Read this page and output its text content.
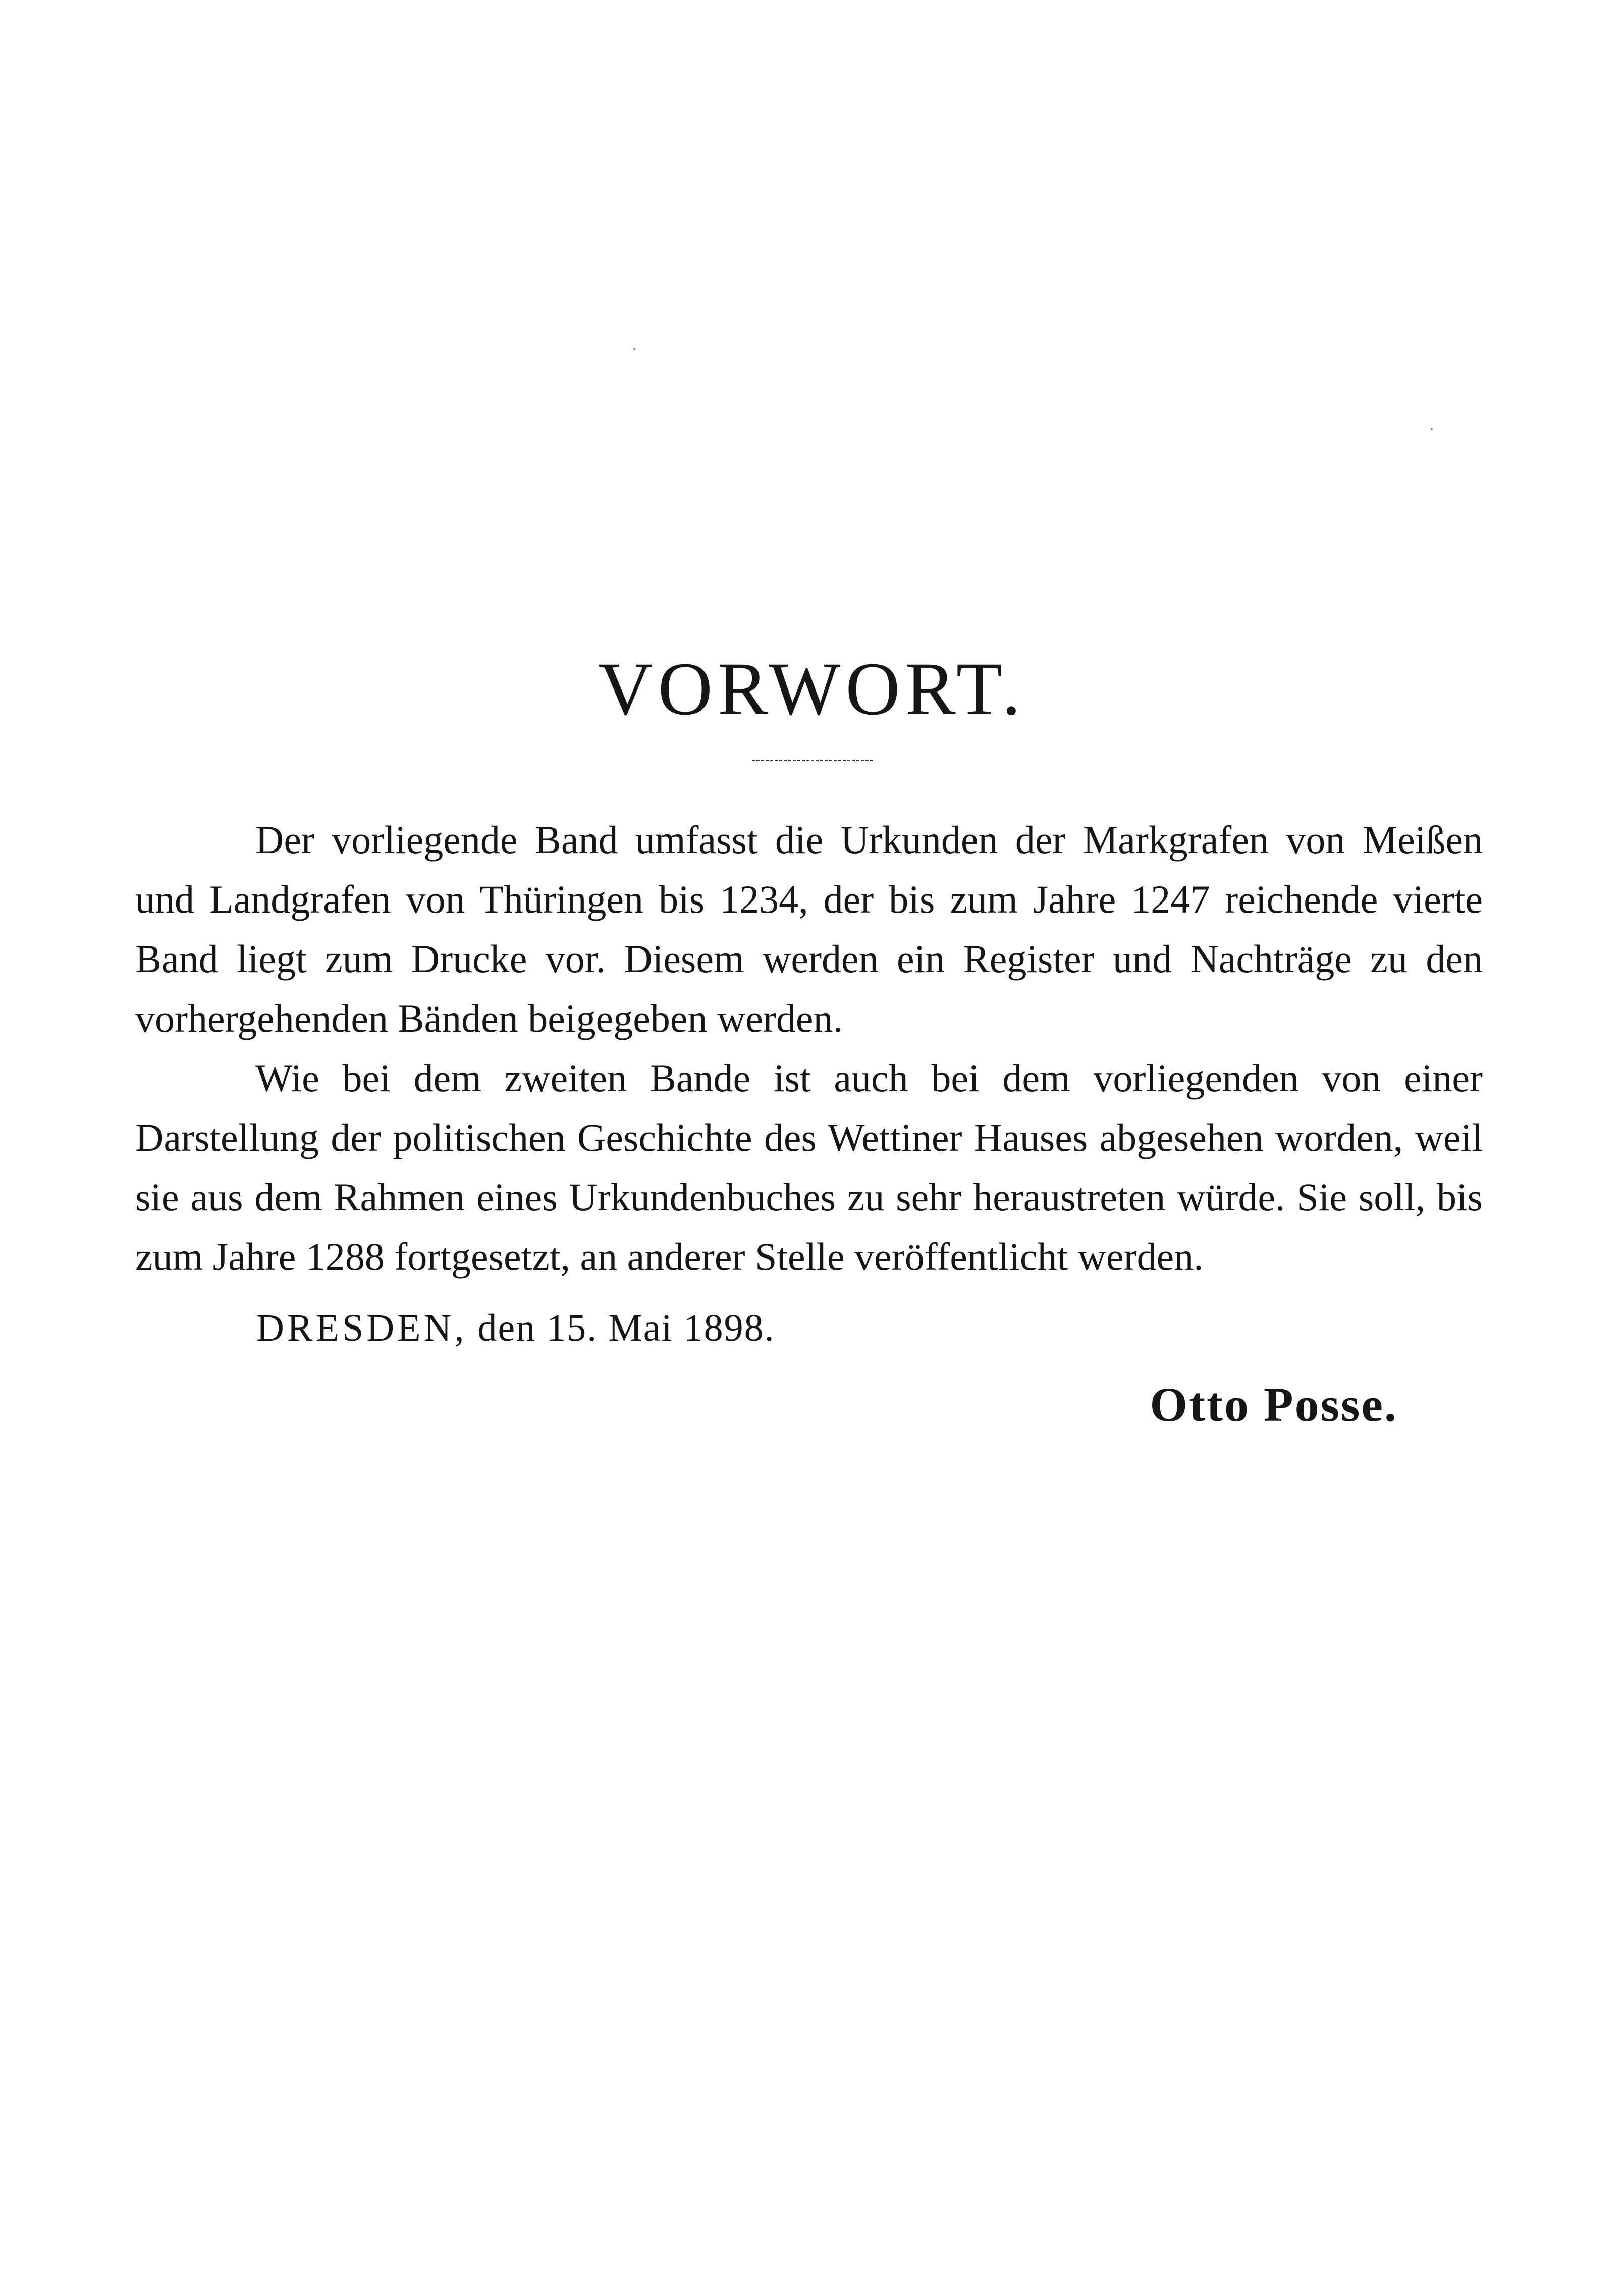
VORWORT.

Der vorliegende Band umfasst die Urkunden der Markgrafen von Meißen und Landgrafen von Thüringen bis 1234, der bis zum Jahre 1247 reichende vierte Band liegt zum Drucke vor. Diesem werden ein Register und Nachträge zu den vorhergehenden Bänden beigegeben werden.

Wie bei dem zweiten Bande ist auch bei dem vorliegenden von einer Darstellung der politischen Geschichte des Wettiner Hauses abgesehen worden, weil sie aus dem Rahmen eines Urkundenbuches zu sehr heraustreten würde. Sie soll, bis zum Jahre 1288 fortgesetzt, an anderer Stelle veröffentlicht werden.

DRESDEN, den 15. Mai 1898.
Otto Posse.
